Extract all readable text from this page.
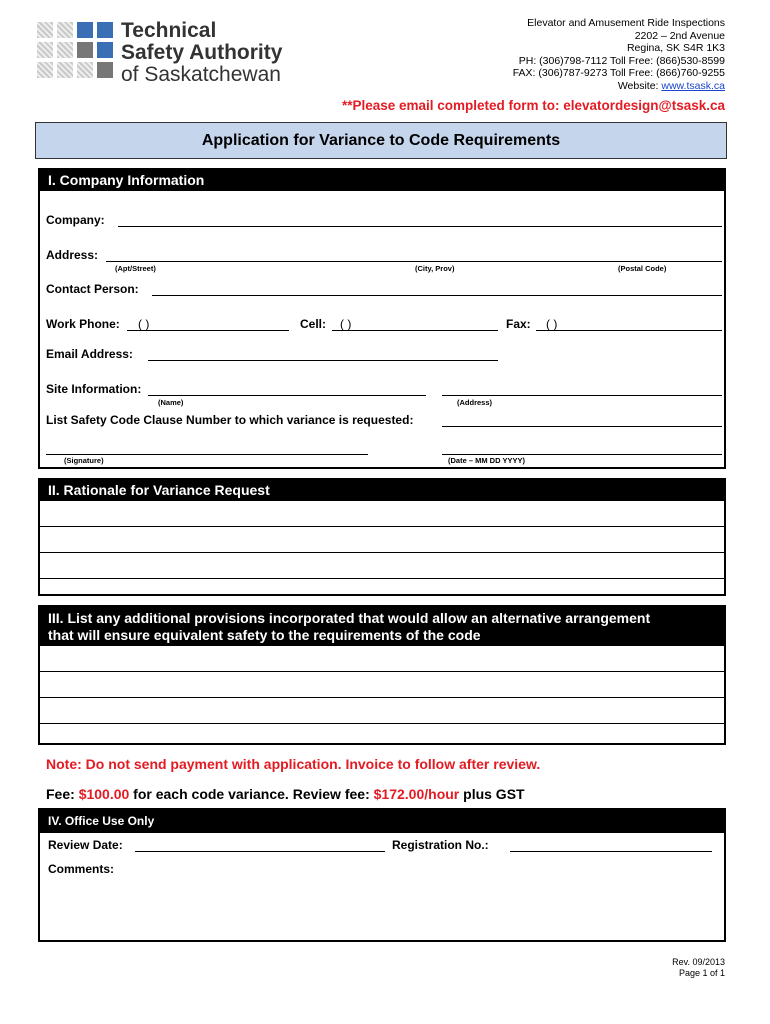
Technical
Safety Authority
of Saskatchewan
Elevator and Amusement Ride Inspections
2202 – 2nd Avenue
Regina, SK S4R 1K3
PH: (306)798-7112 Toll Free: (866)530-8599
FAX: (306)787-9273 Toll Free: (866)760-9255
Website: www.tsask.ca
**Please email completed form to: elevatordesign@tsask.ca
Application for Variance to Code Requirements
I. Company Information
Company:
Address:
(Apt/Street)	(City, Prov)	(Postal Code)
Contact Person:
Work Phone: ( )	Cell: ( )	Fax: ( )
Email Address:
Site Information:
(Name)	(Address)
List Safety Code Clause Number to which variance is requested:
(Signature)	(Date – MM DD YYYY)
II. Rationale for Variance Request
III. List any additional provisions incorporated that would allow an alternative arrangement
that will ensure equivalent safety to the requirements of the code
Note: Do not send payment with application. Invoice to follow after review.
Fee: $100.00 for each code variance. Review fee: $172.00/hour plus GST
IV. Office Use Only
Review Date:	Registration No.:
Comments:
Rev. 09/2013
Page 1 of 1
